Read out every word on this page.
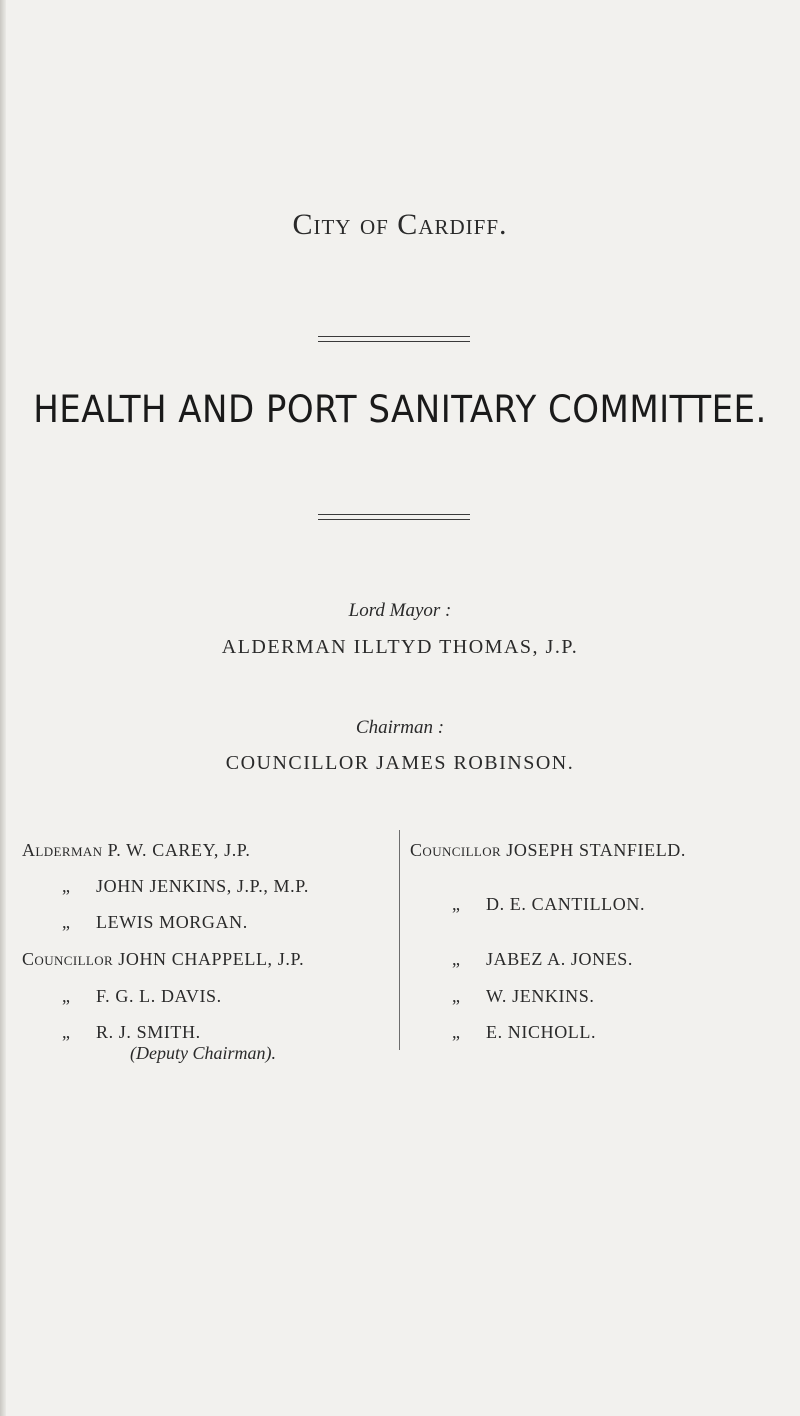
City of Cardiff.
HEALTH AND PORT SANITARY COMMITTEE.
Lord Mayor :
ALDERMAN ILLTYD THOMAS, J.P.
Chairman :
COUNCILLOR JAMES ROBINSON.
Alderman P. W. CAREY, J.P.
„ JOHN JENKINS, J.P., M.P.
„ LEWIS MORGAN.
Councillor JOHN CHAPPELL, J.P.
„ F. G. L. DAVIS.
„ R. J. SMITH.
(Deputy Chairman).
Councillor JOSEPH STANFIELD.
„ D. E. CANTILLON.
„ JABEZ A. JONES.
„ W. JENKINS.
„ E. NICHOLL.
